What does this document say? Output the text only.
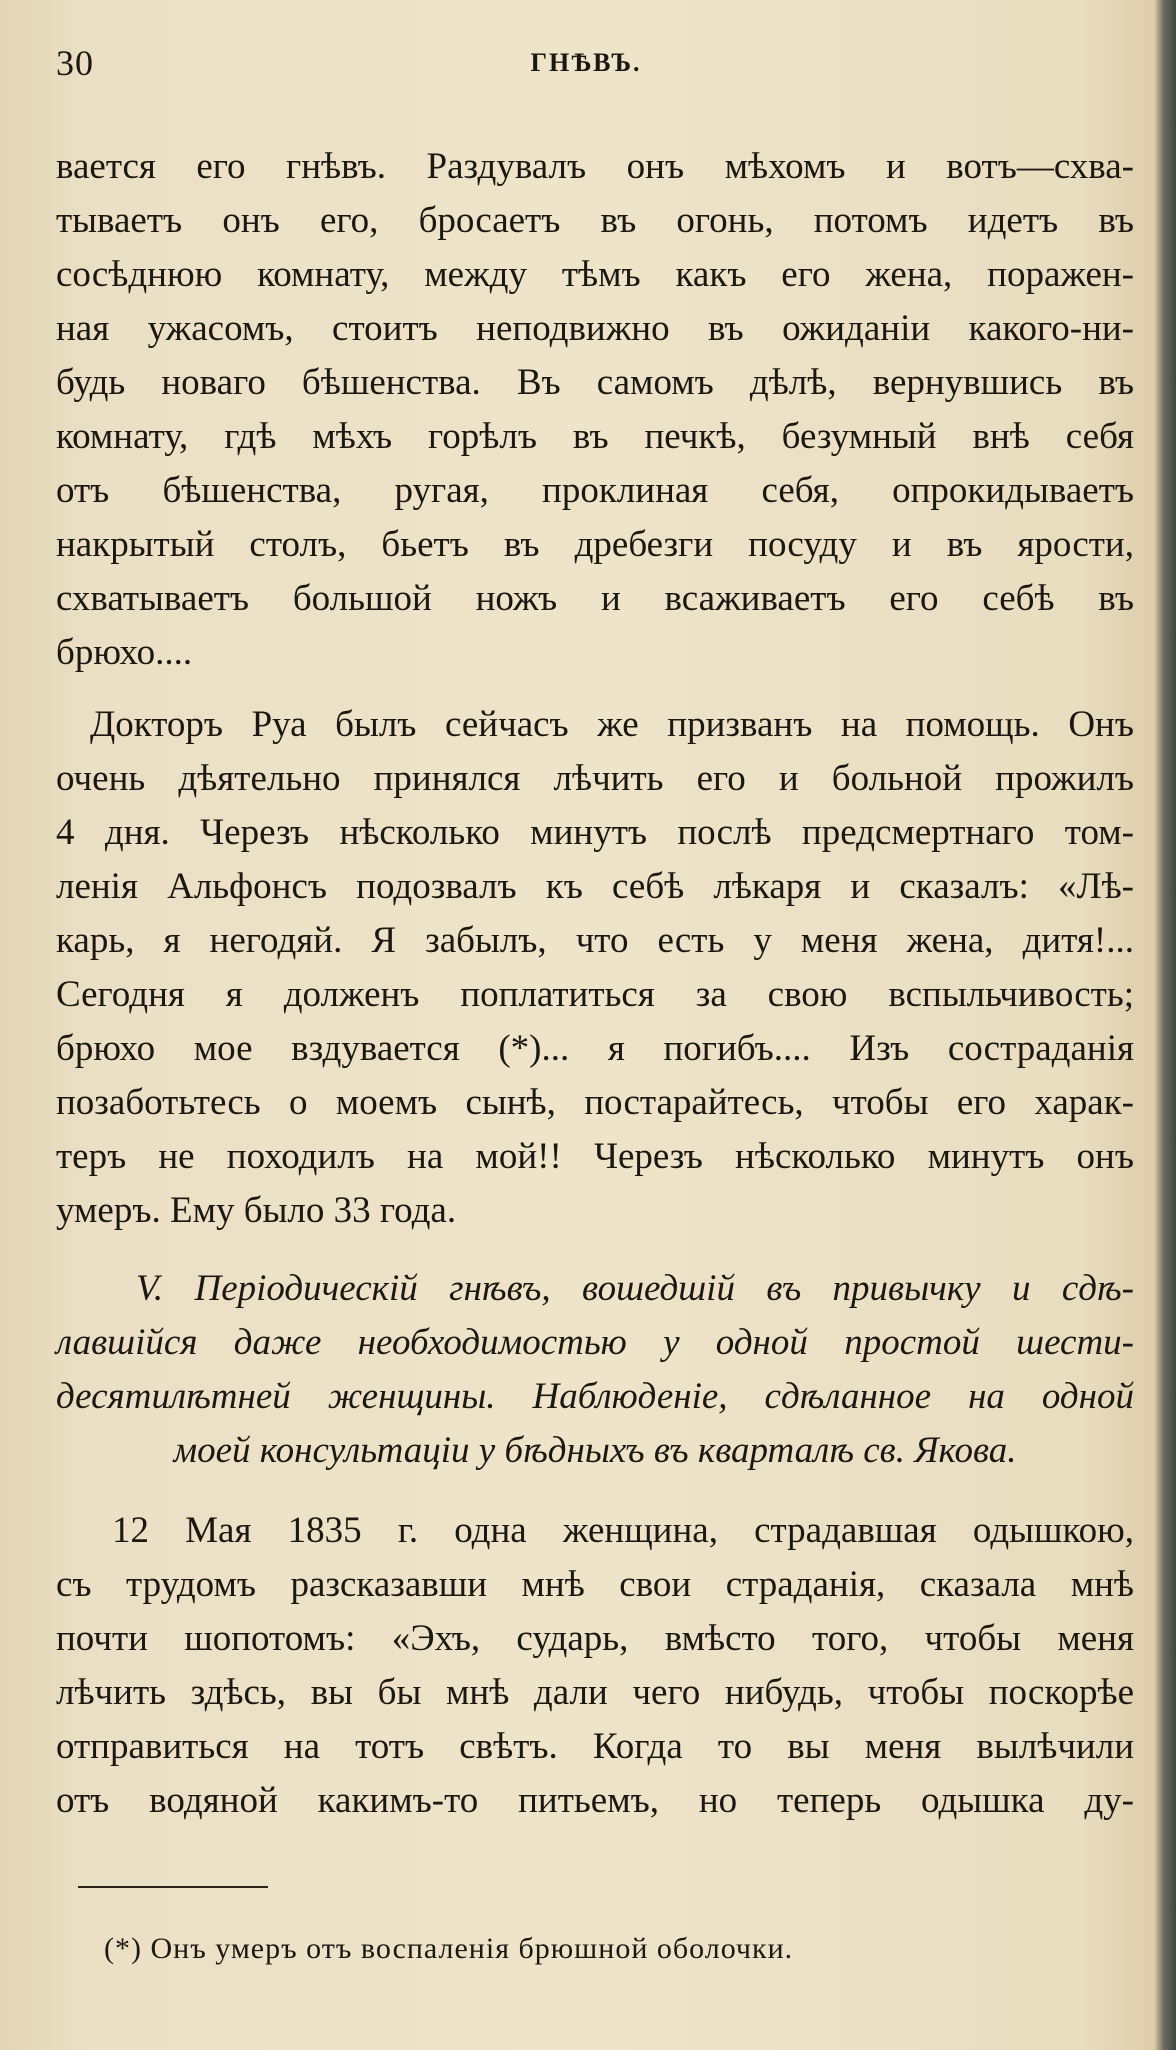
30	ГНѢВЪ.
вается его гнѣвъ. Раздувалъ онъ мѣхомъ и вотъ—схва-
тываетъ онъ его, бросаетъ въ огонь, потомъ идетъ въ
сосѣднюю комнату, между тѣмъ какъ его жена, поражен-
ная ужасомъ, стоитъ неподвижно въ ожиданіи какого-ни-
будь новаго бѣшенства. Въ самомъ дѣлѣ, вернувшись въ
комнату, гдѣ мѣхъ горѣлъ въ печкѣ, безумный внѣ себя
отъ бѣшенства, ругая, проклиная себя, опрокидываетъ
накрытый столъ, бьетъ въ дребезги посуду и въ ярости,
схватываетъ большой ножъ и всаживаетъ его себѣ въ
брюхо....
Докторъ Руа былъ сейчасъ же призванъ на помощь. Онъ
очень дѣятельно принялся лѣчить его и больной прожилъ
4 дня. Черезъ нѣсколько минутъ послѣ предсмертнаго том-
ленія Альфонсъ подозвалъ къ себѣ лѣкаря и сказалъ: «Лѣ-
карь, я негодяй. Я забылъ, что есть у меня жена, дитя!...
Сегодня я долженъ поплатиться за свою вспыльчивость;
брюхо мое вздувается (*)... я погибъ.... Изъ состраданія
позаботьтесь о моемъ сынѣ, постарайтесь, чтобы его харак-
теръ не походилъ на мой!! Черезъ нѣсколько минутъ онъ
умеръ. Ему было 33 года.
V. Періодическій гнѣвъ, вошедшій въ привычку и сдѣ-
лавшійся даже необходимостью у одной простой шести-
десятилѣтней женщины. Наблюденіе, сдѣланное на одной
моей консультаціи у бѣдныхъ въ кварталѣ св. Якова.
12 Мая 1835 г. одна женщина, страдавшая одышкою,
съ трудомъ разсказавши мнѣ свои страданія, сказала мнѣ
почти шопотомъ: «Эхъ, сударь, вмѣсто того, чтобы меня
лѣчить здѣсь, вы бы мнѣ дали чего нибудь, чтобы поскорѣе
отправиться на тотъ свѣтъ. Когда то вы меня вылѣчили
отъ водяной какимъ-то питьемъ, но теперь одышка ду-
(*) Онъ умеръ отъ воспаленія брюшной оболочки.
